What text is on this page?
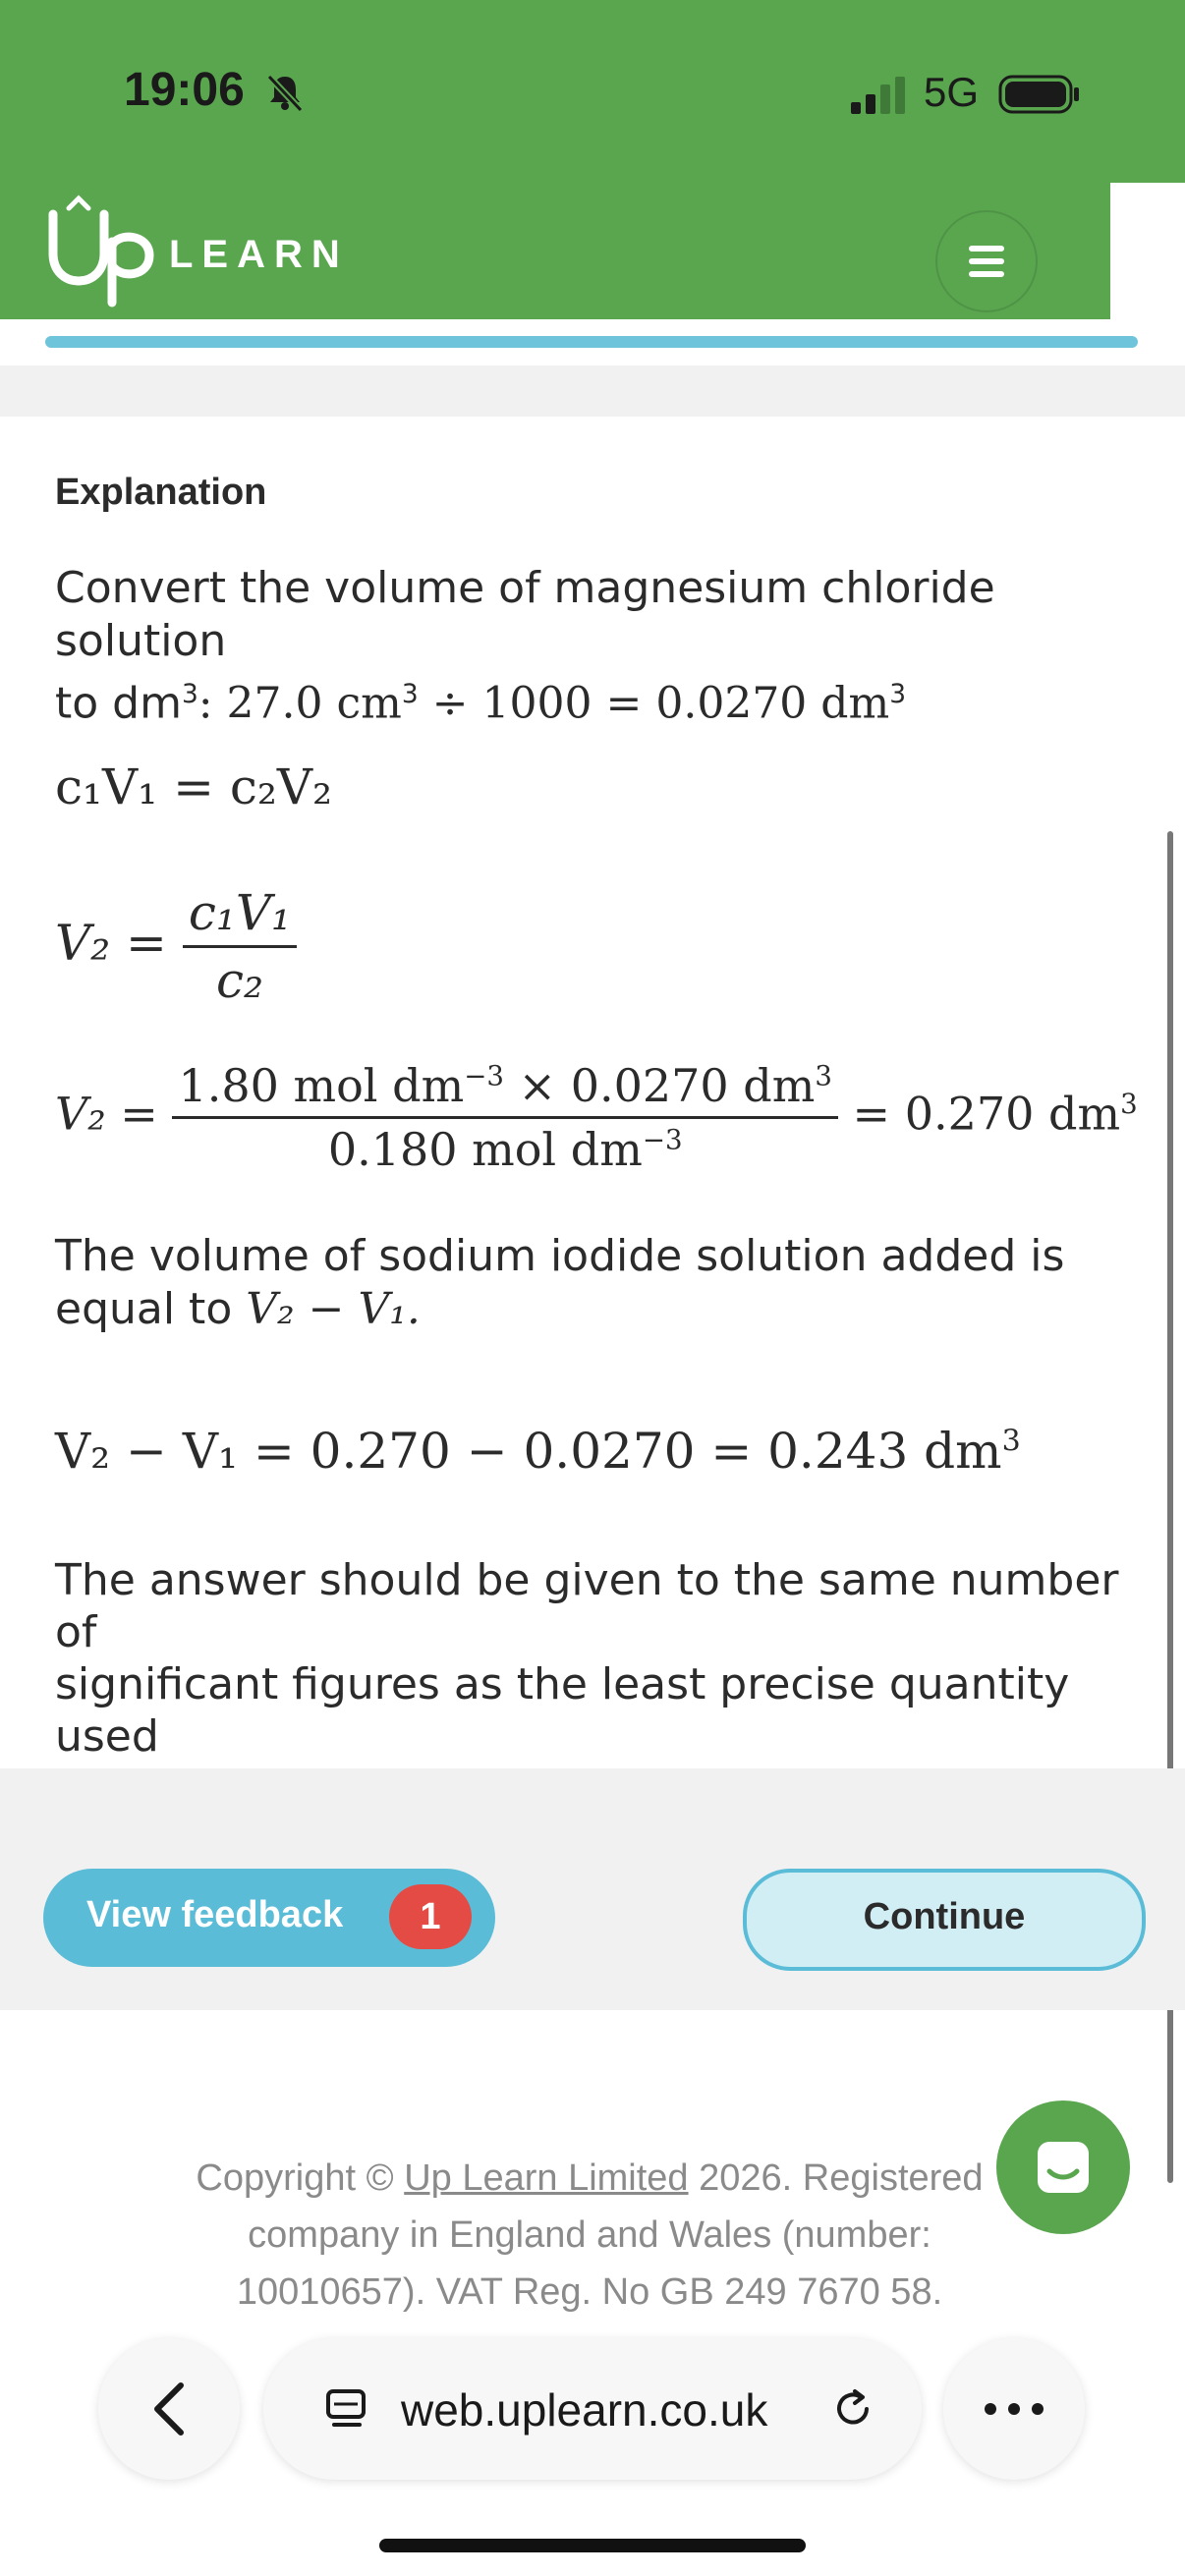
19:06	5G
LEARN
Explanation
Convert the volume of magnesium chloride solution
to $dm^3$: 27.0 $cm^3 \div 1000 = 0.0270$ $dm^3$
c₁V₁ = c₂V₂
$V_2 = \frac{\text{c₁V₁}}{\text{c₂}}$
$V_2 = \frac{1.80 mol dm^{-3} \times 0.0270 dm^3}{0.180 mol dm^{-3}} = 0.270$ $dm^3$
The volume of sodium iodide solution added is
equal to V₂ − V₁.
V₂ − V₁ = 0.270 − 0.0270 = 0.243 $dm^3$
The answer should be given to the same number of
significant figures as the least precise quantity used
View feedback	1	Continue
Copyright © Up Learn Limited 2026. Registered
company in England and Wales (number:
10010657). VAT Reg. No GB 249 7670 58.
web.uplearn.co.uk
